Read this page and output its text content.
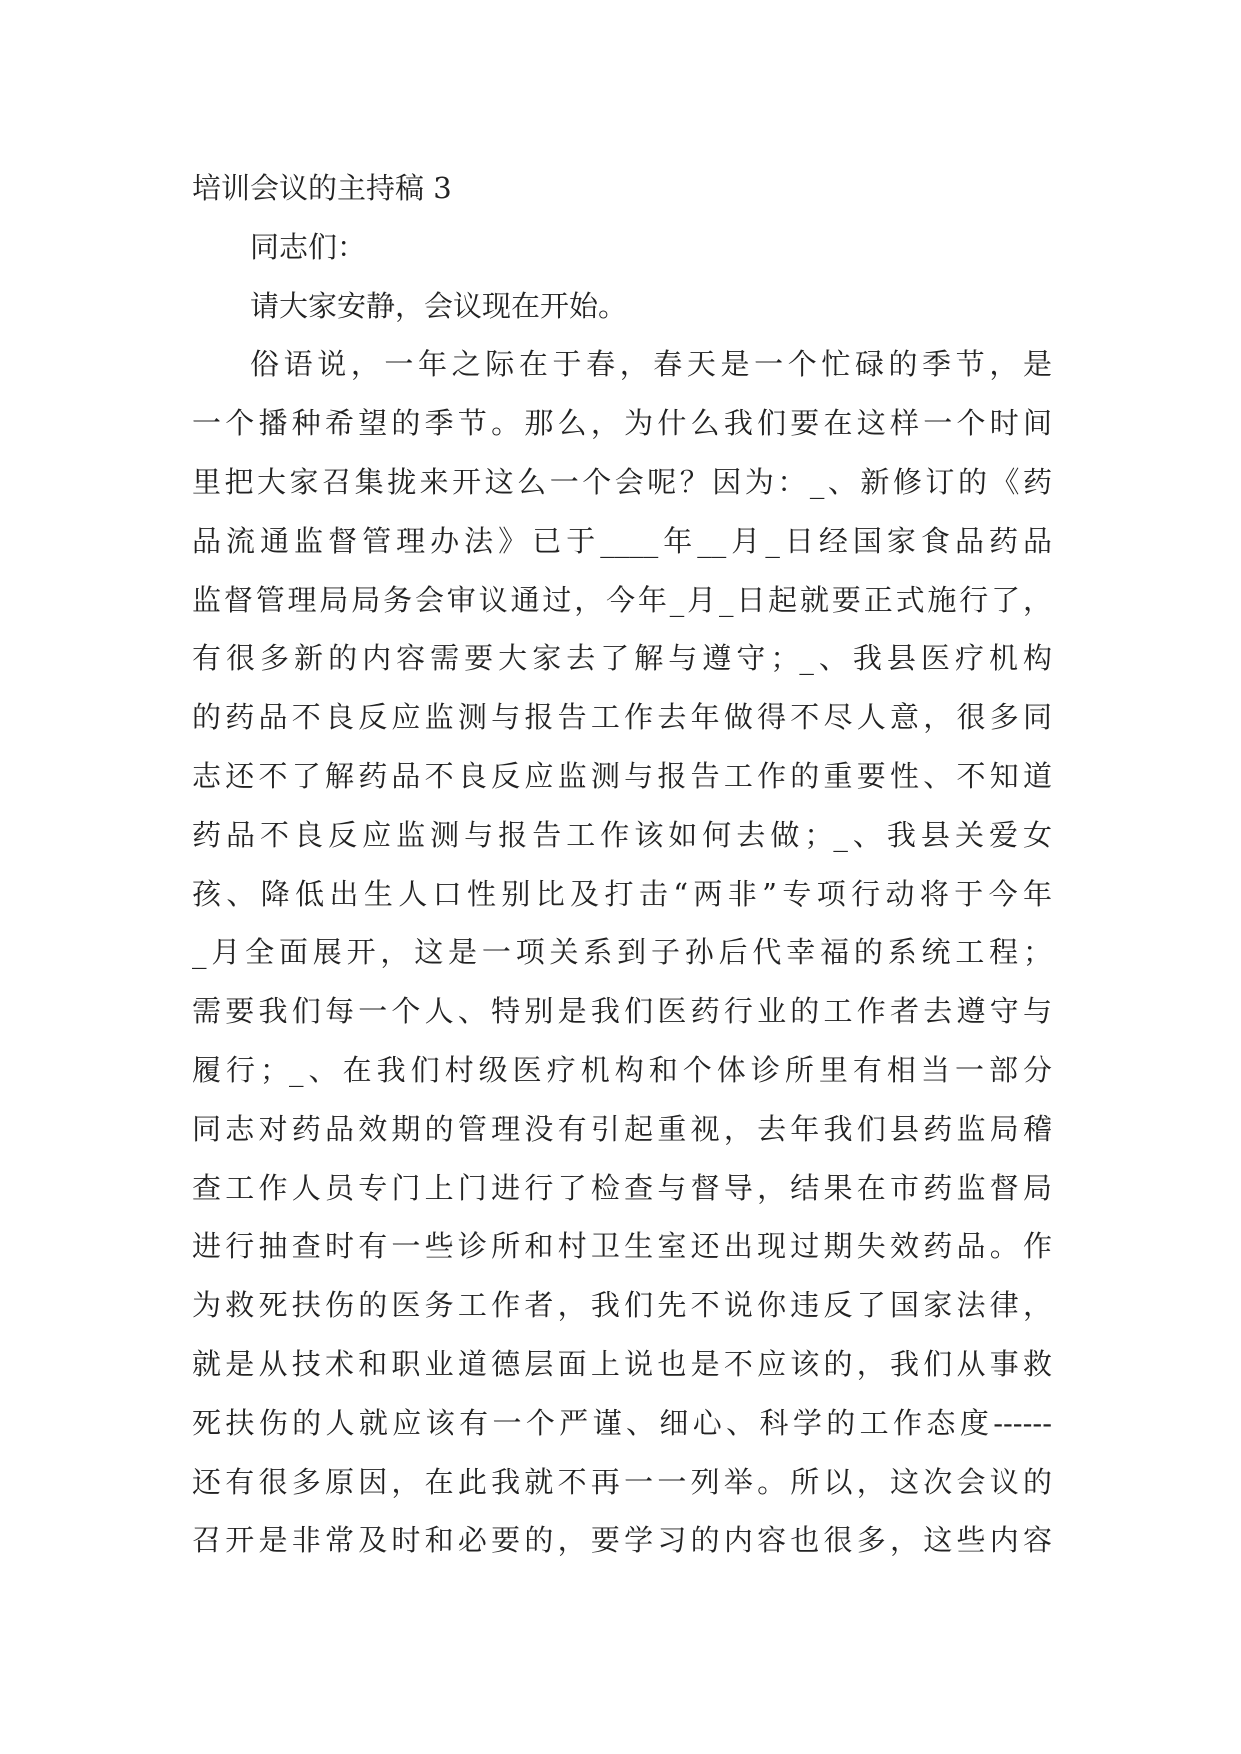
培训会议的主持稿 3
同志们：
请大家安静，会议现在开始。
俗语说，一年之际在于春，春天是一个忙碌的季节，是
一个播种希望的季节。那么，为什么我们要在这样一个时间
里把大家召集拢来开这么一个会呢？因为：_、新修订的《药
品流通监督管理办法》已于____年__月_日经国家食品药品
监督管理局局务会审议通过，今年_月_日起就要正式施行了，
有很多新的内容需要大家去了解与遵守；_、我县医疗机构
的药品不良反应监测与报告工作去年做得不尽人意，很多同
志还不了解药品不良反应监测与报告工作的重要性、不知道
药品不良反应监测与报告工作该如何去做；_、我县关爱女
孩、降低出生人口性别比及打击“两非”专项行动将于今年
_月全面展开，这是一项关系到子孙后代幸福的系统工程；
需要我们每一个人、特别是我们医药行业的工作者去遵守与
履行；_、在我们村级医疗机构和个体诊所里有相当一部分
同志对药品效期的管理没有引起重视，去年我们县药监局稽
查工作人员专门上门进行了检查与督导，结果在市药监督局
进行抽查时有一些诊所和村卫生室还出现过期失效药品。作
为救死扶伤的医务工作者，我们先不说你违反了国家法律，
就是从技术和职业道德层面上说也是不应该的，我们从事救
死扶伤的人就应该有一个严谨、细心、科学的工作态度------
还有很多原因，在此我就不再一一列举。所以，这次会议的
召开是非常及时和必要的，要学习的内容也很多，这些内容
